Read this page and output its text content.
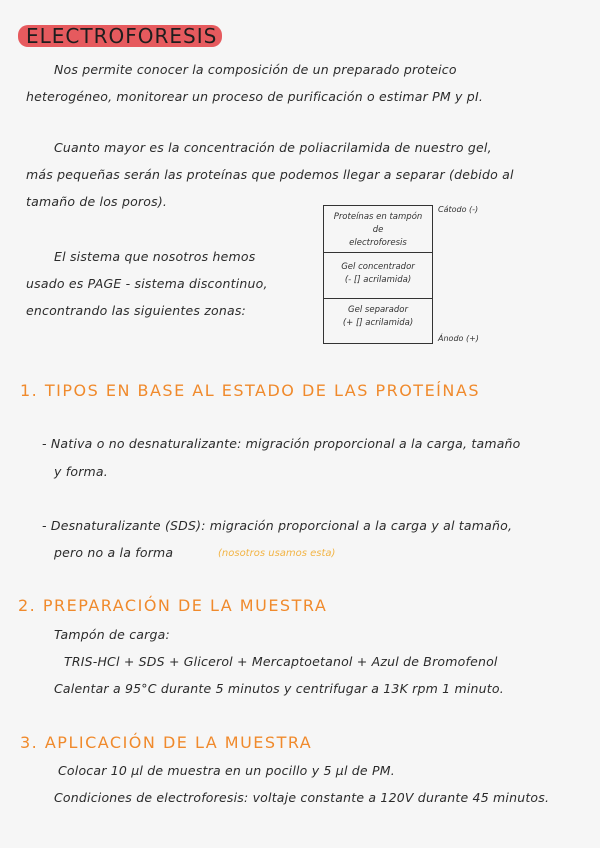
ELECTROFORESIS
Nos permite conocer la composición de un preparado proteico
heterogéneo, monitorear un proceso de purificación o estimar PM y pI.
Cuanto mayor es la concentración de poliacrilamida de nuestro gel,
más pequeñas serán las proteínas que podemos llegar a separar (debido al
tamaño de los poros).
El sistema que nosotros hemos
usado es PAGE - sistema discontinuo,
encontrando las siguientes zonas:
Proteínas en tampón
de
electroforesis
Gel concentrador
(- [] acrilamida)
Gel separador
(+ [] acrilamida)
Cátodo (-)
Ánodo (+)
1. TIPOS EN BASE AL ESTADO DE LAS PROTEÍNAS
- Nativa o no desnaturalizante: migración proporcional a la carga, tamaño
y forma.
- Desnaturalizante (SDS): migración proporcional a la carga y al tamaño,
pero no a la forma	(nosotros usamos esta)
2. PREPARACIÓN DE LA MUESTRA
Tampón de carga:
TRIS-HCl + SDS + Glicerol + Mercaptoetanol + Azul de Bromofenol
Calentar a 95°C durante 5 minutos y centrifugar a 13K rpm 1 minuto.
3. APLICACIÓN DE LA MUESTRA
Colocar 10 µl de muestra en un pocillo y 5 µl de PM.
Condiciones de electroforesis: voltaje constante a 120V durante 45 minutos.
